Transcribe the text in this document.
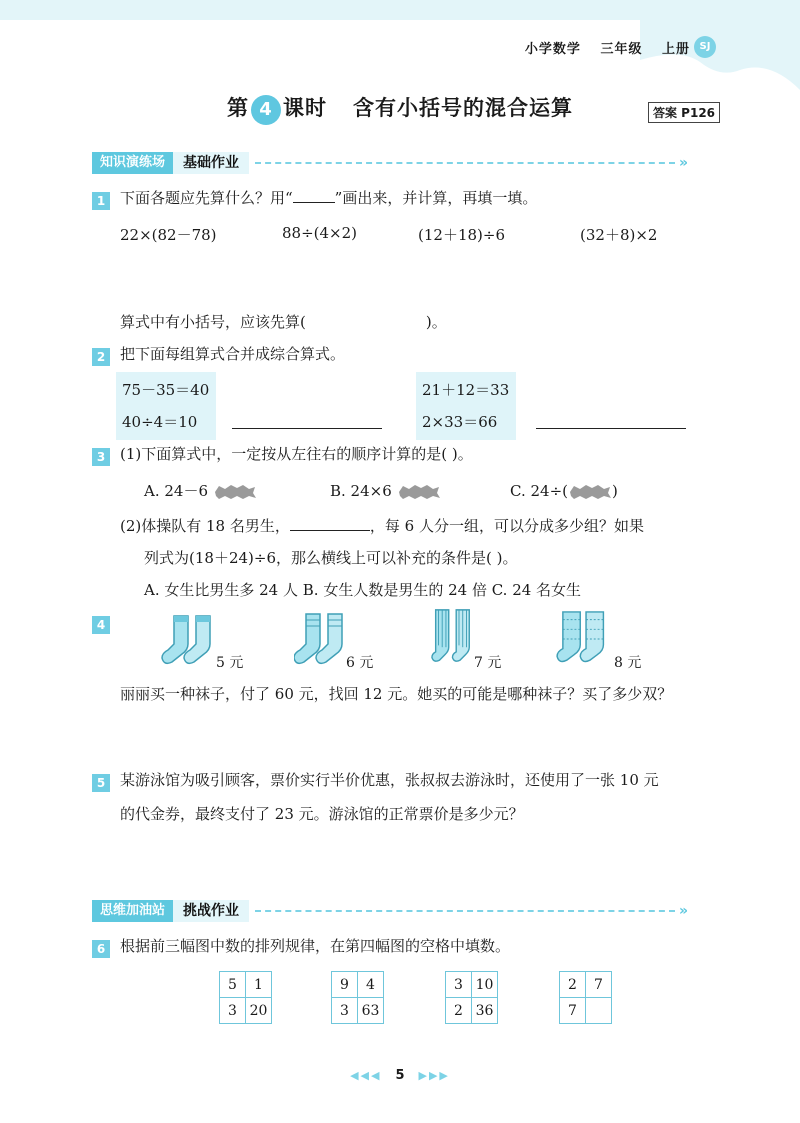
小学数学 三年级 上册 SJ
第 4 课时 含有小括号的混合运算	答案 P126
知识演练场	基础作业	»
1 下面各题应先算什么？用“	”画出来，并计算，再填一填。
22×(82－78)	88÷(4×2)	(12＋18)÷6	(32＋8)×2
算式中有小括号，应该先算(	)。
2 把下面每组算式合并成综合算式。
75－35＝40
40÷4＝10
21＋12＝33
2×33＝66
3 (1)下面算式中，一定按从左往右的顺序计算的是( )。
A. 24－6	B. 24×6	C. 24÷(	)
(2)体操队有 18 名男生，	，每 6 人分一组，可以分成多少组？如果
列式为(18＋24)÷6，那么横线上可以补充的条件是( )。
A. 女生比男生多 24 人 B. 女生人数是男生的 24 倍 C. 24 名女生
4
5 元	6 元	7 元	8 元
丽丽买一种袜子，付了 60 元，找回 12 元。她买的可能是哪种袜子？买了多少双？
5 某游泳馆为吸引顾客，票价实行半价优惠，张叔叔去游泳时，还使用了一张 10 元
的代金券，最终支付了 23 元。游泳馆的正常票价是多少元？
思维加油站	挑战作业	»
6 根据前三幅图中数的排列规律，在第四幅图的空格中填数。
5	1
3	20
9	4
3	63
3	10
2	36
2	7
7	
◀◀◀ 5 ▶▶▶
